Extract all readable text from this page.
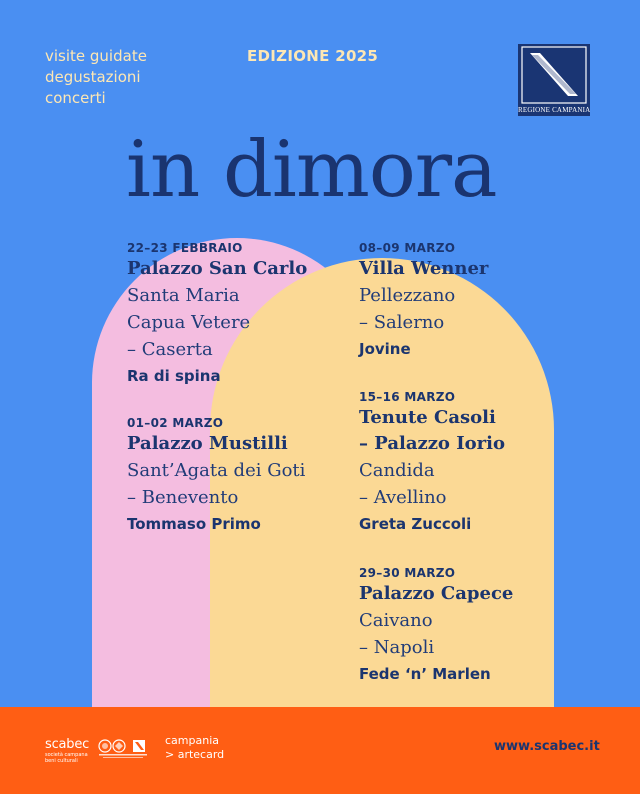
visite guidate
degustazioni
concerti
EDIZIONE 2025
REGIONE CAMPANIA
in dimora
22–23 FEBBRAIO
Palazzo San Carlo
Santa Maria
Capua Vetere
– Caserta
Ra di spina
01–02 MARZO
Palazzo Mustilli
Sant’Agata dei Goti
– Benevento
Tommaso Primo
08–09 MARZO
Villa Wenner
Pellezzano
– Salerno
Jovine
15–16 MARZO
Tenute Casoli
– Palazzo Iorio
Candida
– Avellino
Greta Zuccoli
29–30 MARZO
Palazzo Capece
Caivano
– Napoli
Fede ‘n’ Marlen
scabec
società campana
beni culturali
campania
> artecard
www.scabec.it
